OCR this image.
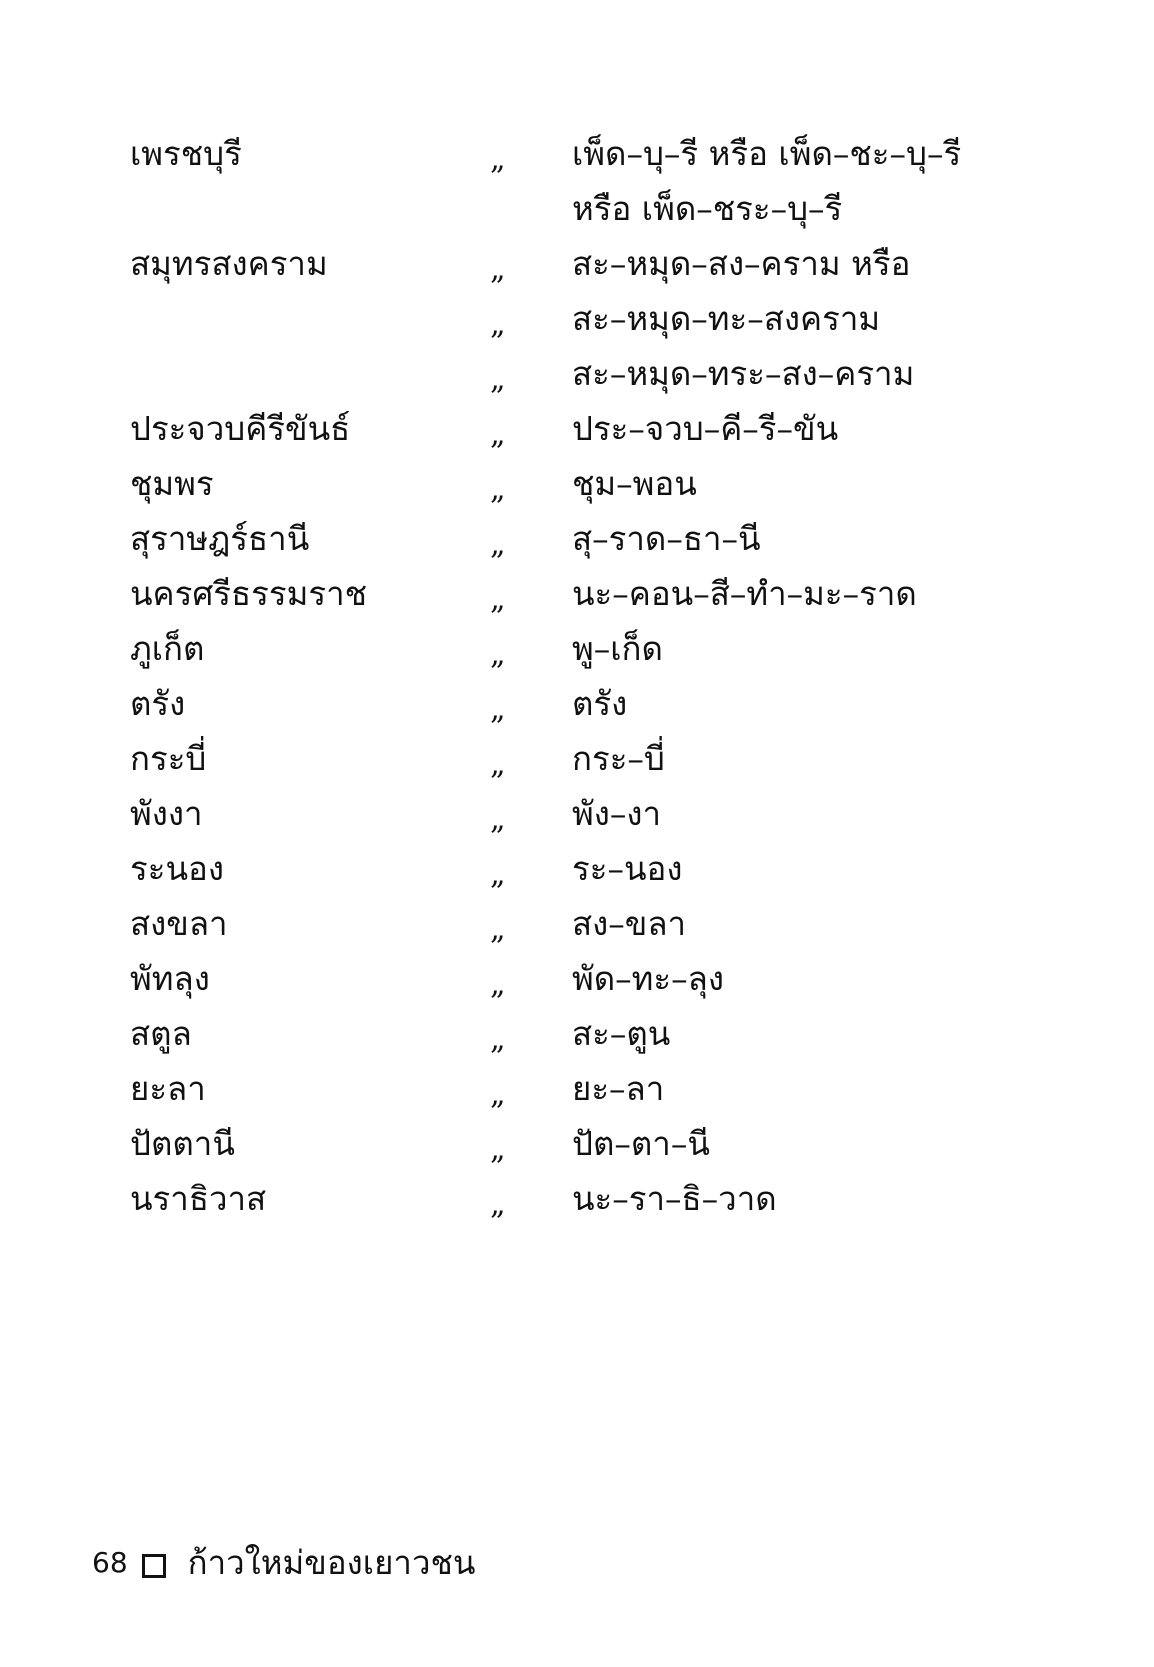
เพรชบุรี	„ เพ็ด–บุ–รี หรือ เพ็ด–ชะ–บุ–รี
หรือ เพ็ด–ชระ–บุ–รี
สมุทรสงคราม	„ สะ–หมุด–สง–คราม หรือ
„ สะ–หมุด–ทะ–สงคราม
„ สะ–หมุด–ทระ–สง–คราม
ประจวบคีรีขันธ์	„ ประ–จวบ–คี–รี–ขัน
ชุมพร	„ ชุม–พอน
สุราษฎร์ธานี	„ สุ–ราด–ธา–นี
นครศรีธรรมราช	„ นะ–คอน–สี–ทำ–มะ–ราด
ภูเก็ต	„ พู–เก็ด
ตรัง	„ ตรัง
กระบี่	„ กระ–บี่
พังงา	„ พัง–งา
ระนอง	„ ระ–นอง
สงขลา	„ สง–ขลา
พัทลุง	„ พัด–ทะ–ลุง
สตูล	„ สะ–ตูน
ยะลา	„ ยะ–ลา
ปัตตานี	„ ปัต–ตา–นี
นราธิวาส	„ นะ–รา–ธิ–วาด
68 ก้าวใหม่ของเยาวชน
